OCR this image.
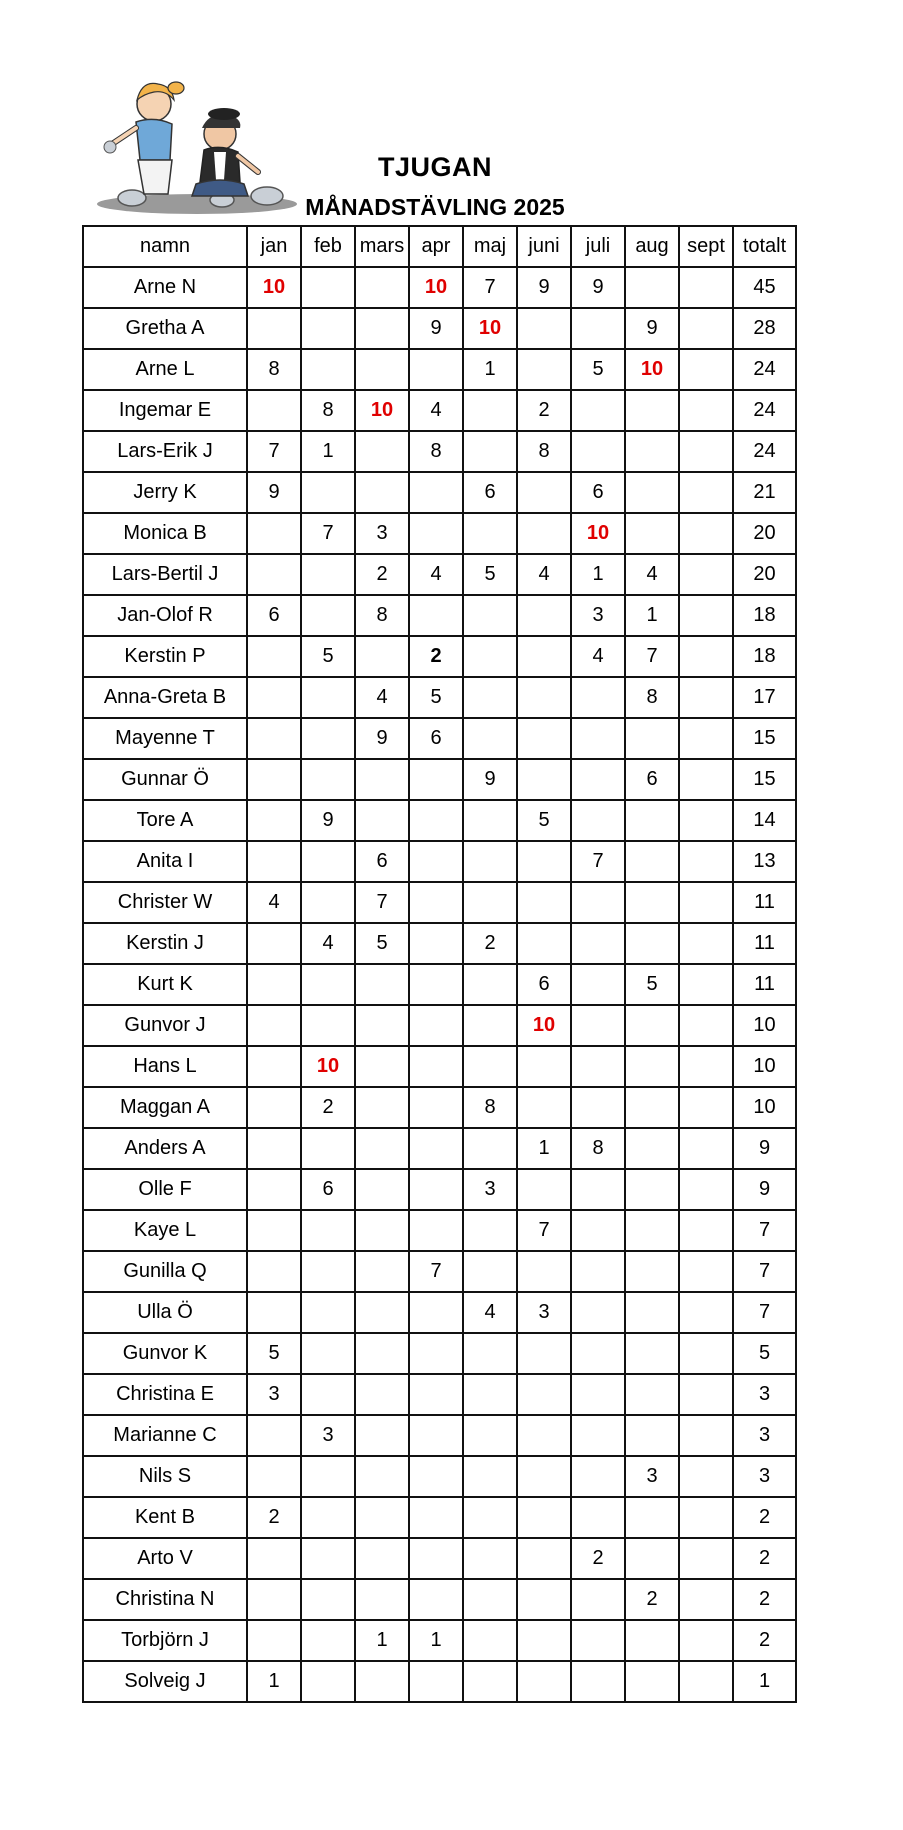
TJUGAN
MÅNADSTÄVLING 2025
namn	jan	feb	mars	apr	maj	juni	juli	aug	sept	totalt
Arne N	10			10	7	9	9			45
Gretha A				9	10			9		28
Arne L	8				1		5	10		24
Ingemar E		8	10	4		2				24
Lars-Erik J	7	1		8		8				24
Jerry K	9				6		6			21
Monica B		7	3				10			20
Lars-Bertil J			2	4	5	4	1	4		20
Jan-Olof R	6		8				3	1		18
Kerstin P		5		2			4	7		18
Anna-Greta B			4	5				8		17
Mayenne T			9	6						15
Gunnar Ö					9			6		15
Tore A		9				5				14
Anita I			6				7			13
Christer W	4		7							11
Kerstin J		4	5		2					11
Kurt K						6		5		11
Gunvor J						10				10
Hans L		10								10
Maggan A		2			8					10
Anders A						1	8			9
Olle F		6			3					9
Kaye L						7				7
Gunilla Q				7						7
Ulla Ö					4	3				7
Gunvor K	5									5
Christina E	3									3
Marianne C		3								3
Nils S								3		3
Kent B	2									2
Arto V							2			2
Christina N								2		2
Torbjörn J			1	1						2
Solveig J	1									1
